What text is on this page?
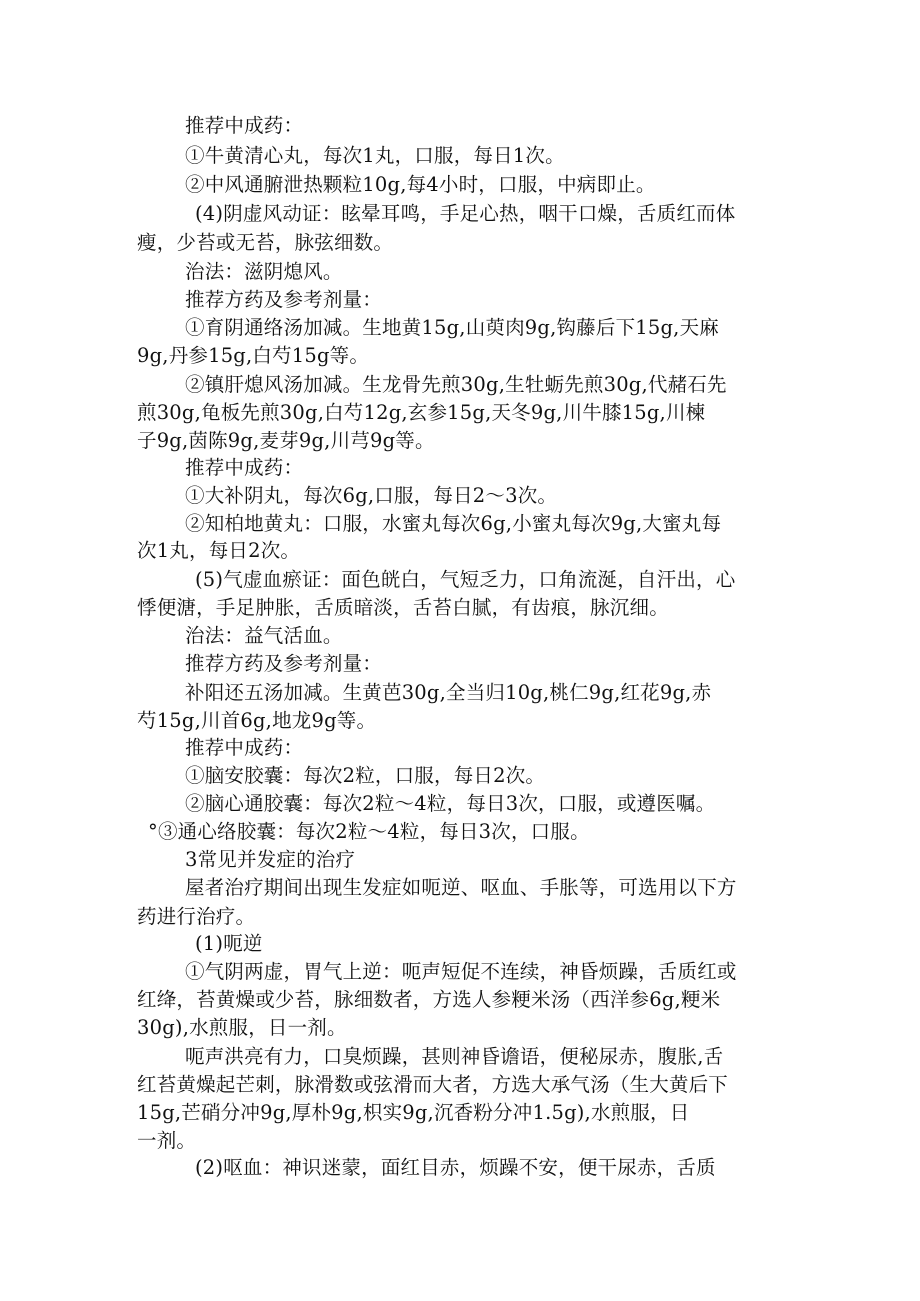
推荐中成药：
①牛黄清心丸，每次1丸，口服，每日1次。
②中风通腑泄热颗粒10g,每4小时，口服，中病即止。
(4)阴虚风动证：眩晕耳鸣，手足心热，咽干口燥，舌质红而体
瘦，少苔或无苔，脉弦细数。
治法：滋阴熄风。
推荐方药及参考剂量：
①育阴通络汤加减。生地黄15g,山萸肉9g,钩藤后下15g,天麻
9g,丹参15g,白芍15g等。
②镇肝熄风汤加减。生龙骨先煎30g,生牡蛎先煎30g,代赭石先
煎30g,龟板先煎30g,白芍12g,玄参15g,天冬9g,川牛膝15g,川楝
子9g,茵陈9g,麦芽9g,川芎9g等。
推荐中成药：
①大补阴丸，每次6g,口服，每日2～3次。
②知柏地黄丸：口服，水蜜丸每次6g,小蜜丸每次9g,大蜜丸每
次1丸，每日2次。
(5)气虚血瘀证：面色㿠白，气短乏力，口角流涎，自汗出，心
悸便溏，手足肿胀，舌质暗淡，舌苔白腻，有齿痕，脉沉细。
治法：益气活血。
推荐方药及参考剂量：
补阳还五汤加减。生黄芭30g,全当归10g,桃仁9g,红花9g,赤
芍15g,川首6g,地龙9g等。
推荐中成药：
①脑安胶囊：每次2粒，口服，每日2次。
②脑心通胶囊：每次2粒～4粒，每日3次，口服，或遵医嘱。
°③通心络胶囊：每次2粒～4粒，每日3次，口服。
3常见并发症的治疗
屋者治疗期间出现生发症如呃逆、呕血、手胀等，可选用以下方
药进行治疗。
(1)呃逆
①气阴两虚，胃气上逆：呃声短促不连续，神昏烦躁，舌质红或
红绛，苔黄燥或少苔，脉细数者，方选人参粳米汤（西洋参6g,粳米
30g),水煎服，日一剂。
呃声洪亮有力，口臭烦躁，甚则神昏谵语，便秘尿赤，腹胀,舌
红苔黄燥起芒刺，脉滑数或弦滑而大者，方选大承气汤（生大黄后下
15g,芒硝分冲9g,厚朴9g,枳实9g,沉香粉分冲1.5g),水煎服，日
一剂。
(2)呕血：神识迷蒙，面红目赤，烦躁不安，便干尿赤，舌质
